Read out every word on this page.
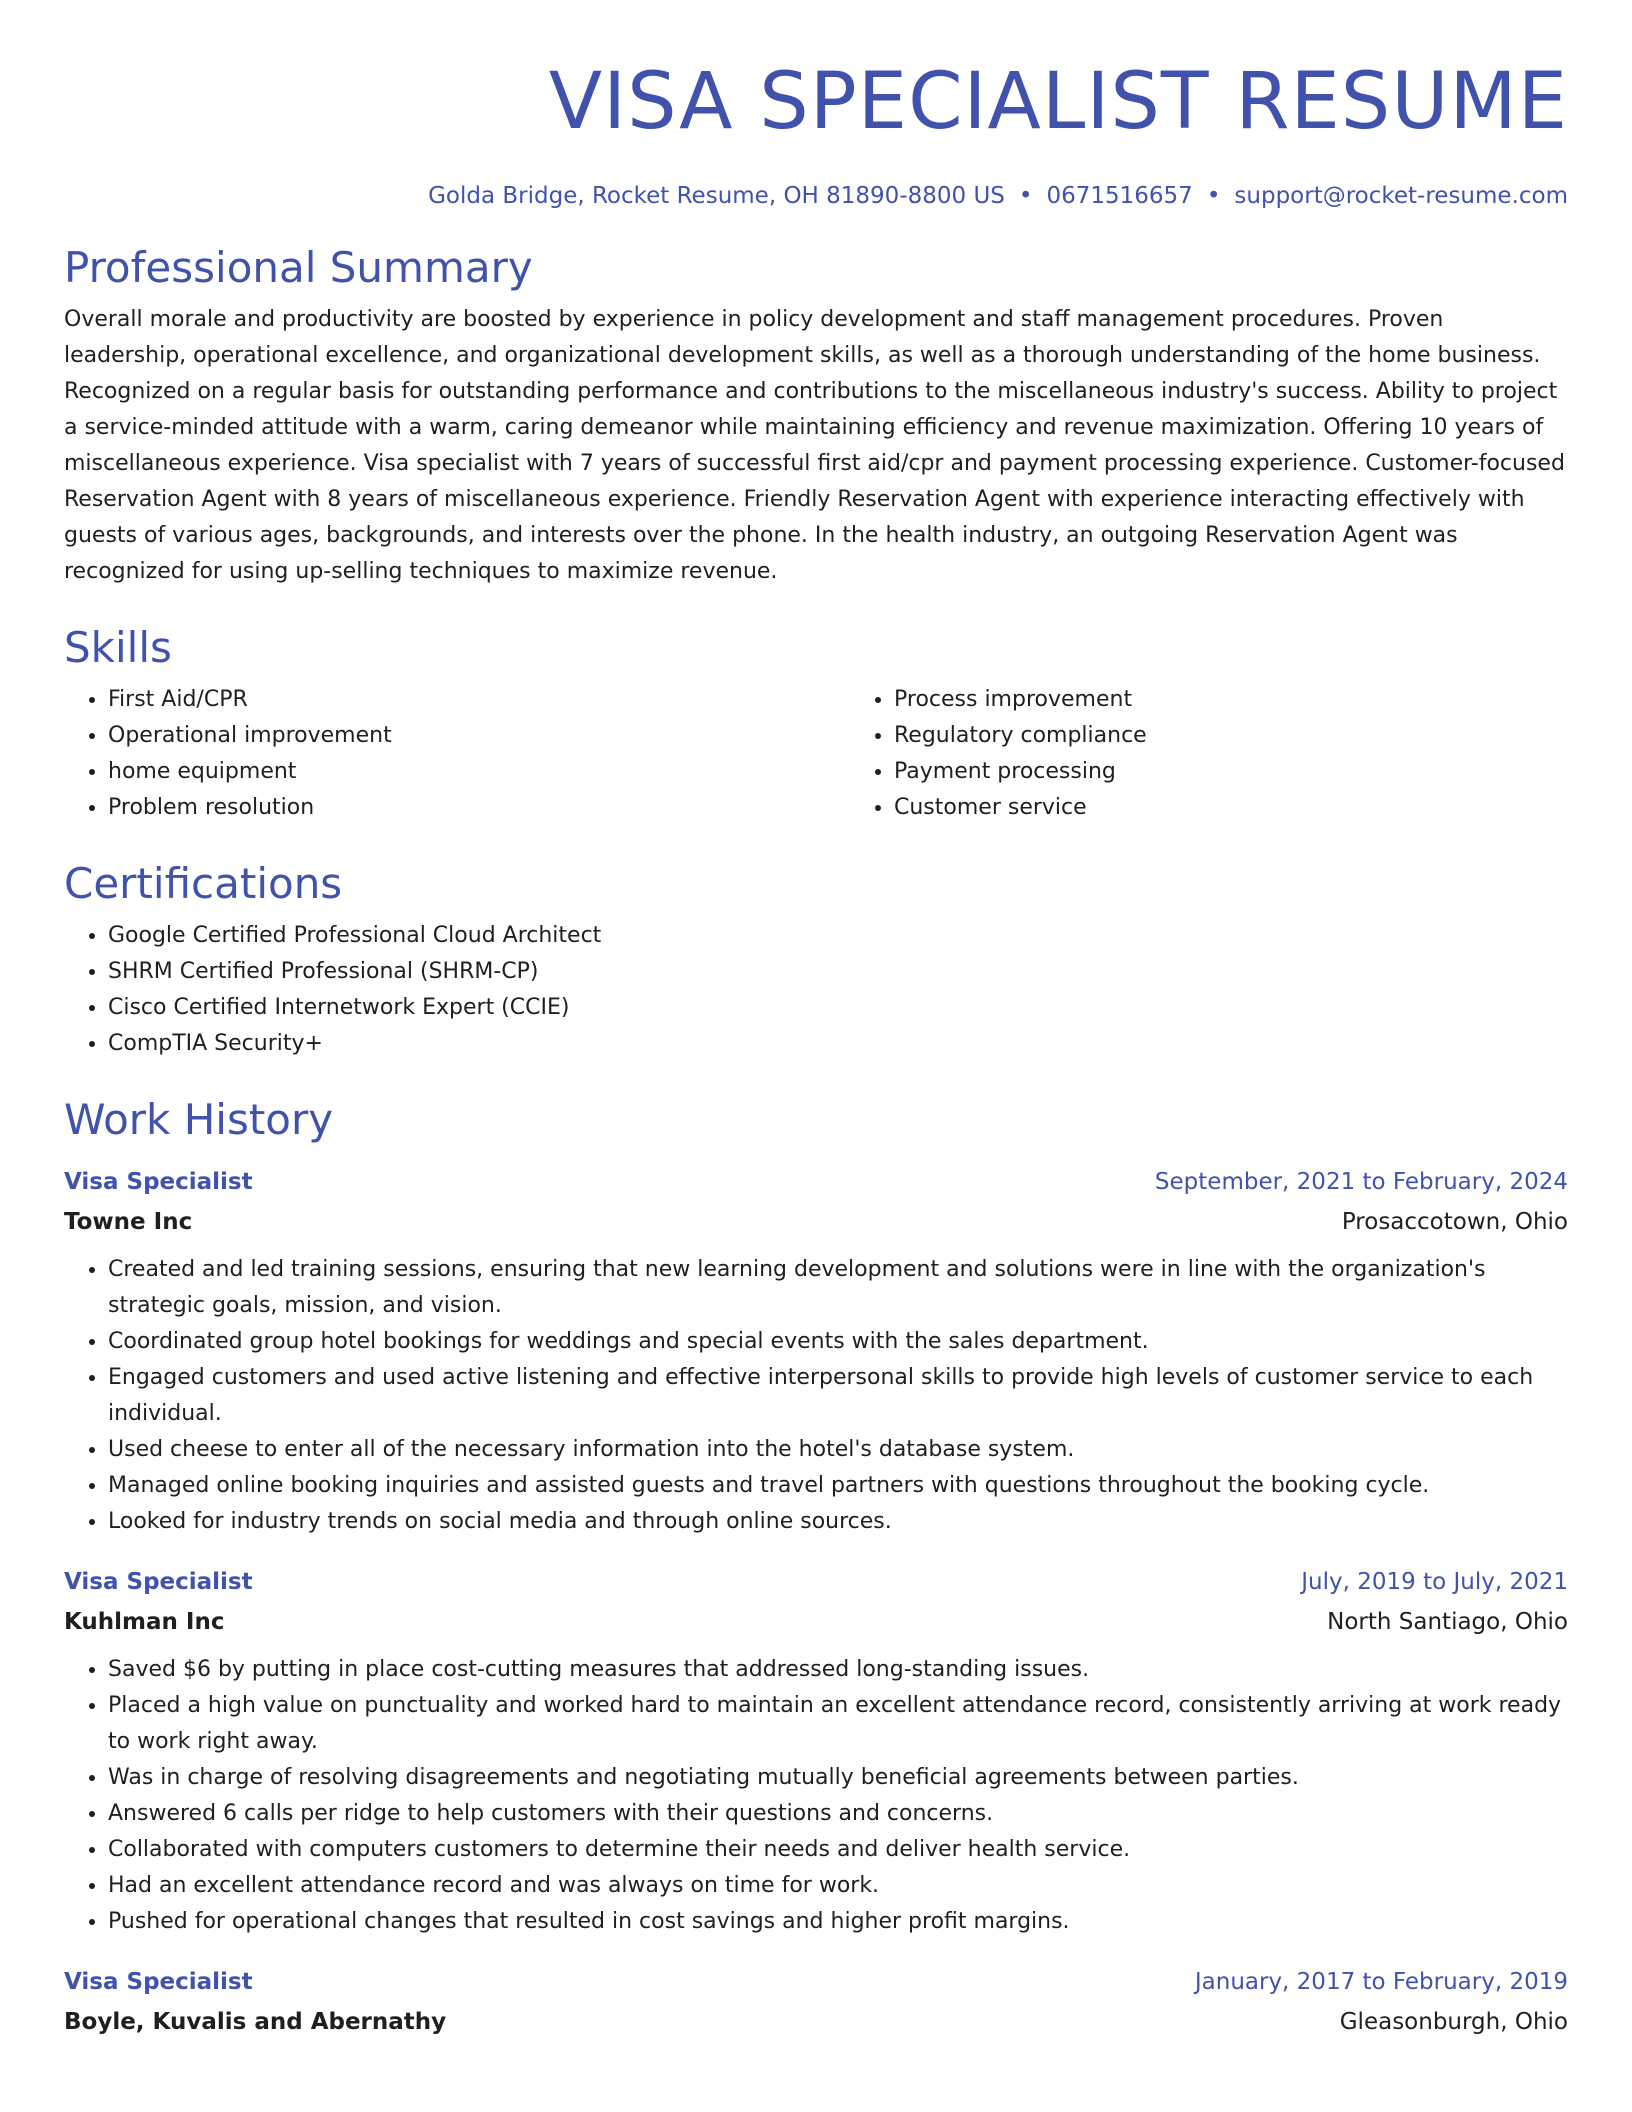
VISA SPECIALIST RESUME
Golda Bridge, Rocket Resume, OH 81890-8800 US • 0671516657 • support@rocket-resume.com
Professional Summary

Overall morale and productivity are boosted by experience in policy development and staff management procedures. Proven leadership, operational excellence, and organizational development skills, as well as a thorough understanding of the home business. Recognized on a regular basis for outstanding performance and contributions to the miscellaneous industry's success. Ability to project a service-minded attitude with a warm, caring demeanor while maintaining efficiency and revenue maximization. Offering 10 years of miscellaneous experience. Visa specialist with 7 years of successful first aid/cpr and payment processing experience. Customer-focused Reservation Agent with 8 years of miscellaneous experience. Friendly Reservation Agent with experience interacting effectively with guests of various ages, backgrounds, and interests over the phone. In the health industry, an outgoing Reservation Agent was recognized for using up-selling techniques to maximize revenue.

Skills
• First Aid/CPR
• Operational improvement
• home equipment
• Problem resolution
• Process improvement
• Regulatory compliance
• Payment processing
• Customer service
Certifications
• Google Certified Professional Cloud Architect
• SHRM Certified Professional (SHRM-CP)
• Cisco Certified Internetwork Expert (CCIE)
• CompTIA Security+
Work History
Visa Specialist	September, 2021 to February, 2024
Towne Inc	Prosaccotown, Ohio
• Created and led training sessions, ensuring that new learning development and solutions were in line with the organization's strategic goals, mission, and vision.
• Coordinated group hotel bookings for weddings and special events with the sales department.
• Engaged customers and used active listening and effective interpersonal skills to provide high levels of customer service to each individual.
• Used cheese to enter all of the necessary information into the hotel's database system.
• Managed online booking inquiries and assisted guests and travel partners with questions throughout the booking cycle.
• Looked for industry trends on social media and through online sources.
Visa Specialist	July, 2019 to July, 2021
Kuhlman Inc	North Santiago, Ohio
• Saved $6 by putting in place cost-cutting measures that addressed long-standing issues.
• Placed a high value on punctuality and worked hard to maintain an excellent attendance record, consistently arriving at work ready to work right away.
• Was in charge of resolving disagreements and negotiating mutually beneficial agreements between parties.
• Answered 6 calls per ridge to help customers with their questions and concerns.
• Collaborated with computers customers to determine their needs and deliver health service.
• Had an excellent attendance record and was always on time for work.
• Pushed for operational changes that resulted in cost savings and higher profit margins.
Visa Specialist	January, 2017 to February, 2019
Boyle, Kuvalis and Abernathy	Gleasonburgh, Ohio
